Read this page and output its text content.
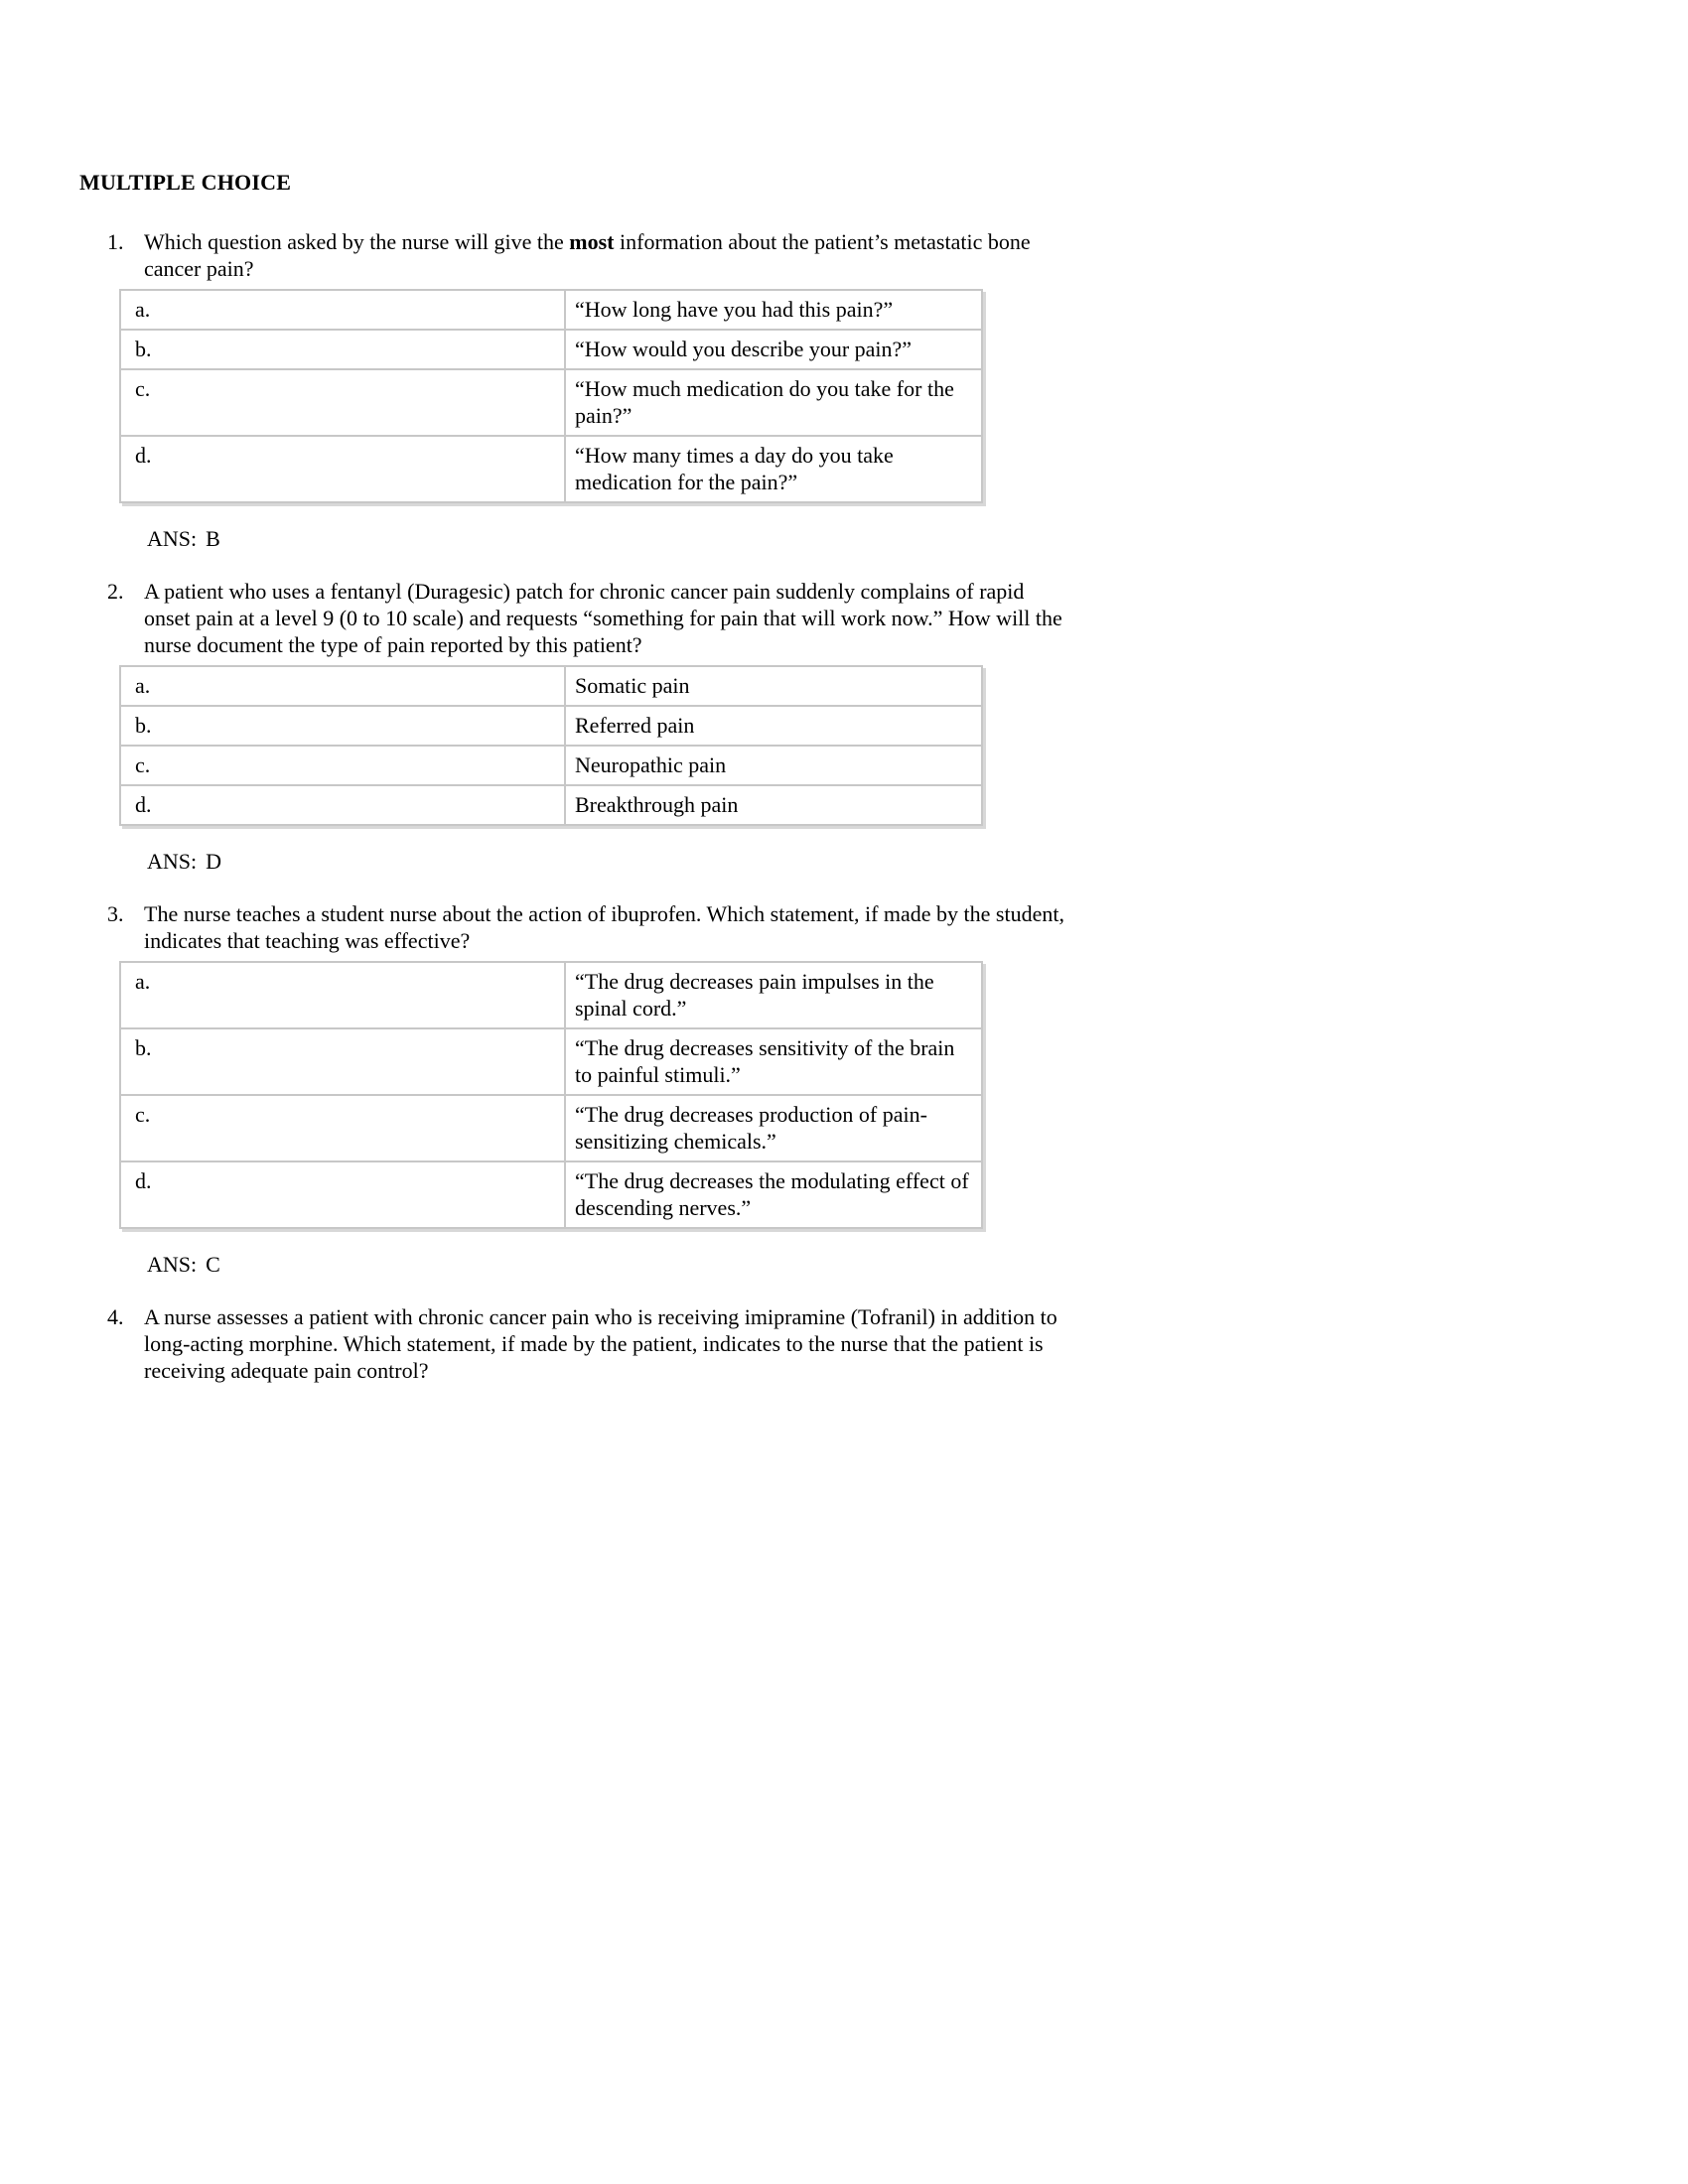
MULTIPLE CHOICE
1. Which question asked by the nurse will give the most information about the patient’s metastatic bone cancer pain?
a.	“How long have you had this pain?”
b.	“How would you describe your pain?”
c.	“How much medication do you take for the pain?”
d.	“How many times a day do you take medication for the pain?”
ANS: B
2. A patient who uses a fentanyl (Duragesic) patch for chronic cancer pain suddenly complains of rapid onset pain at a level 9 (0 to 10 scale) and requests “something for pain that will work now.” How will the nurse document the type of pain reported by this patient?
a.	Somatic pain
b.	Referred pain
c.	Neuropathic pain
d.	Breakthrough pain
ANS: D
3. The nurse teaches a student nurse about the action of ibuprofen. Which statement, if made by the student, indicates that teaching was effective?
a.	“The drug decreases pain impulses in the spinal cord.”
b.	“The drug decreases sensitivity of the brain to painful stimuli.”
c.	“The drug decreases production of pain-sensitizing chemicals.”
d.	“The drug decreases the modulating effect of descending nerves.”
ANS: C
4. A nurse assesses a patient with chronic cancer pain who is receiving imipramine (Tofranil) in addition to long-acting morphine. Which statement, if made by the patient, indicates to the nurse that the patient is receiving adequate pain control?
